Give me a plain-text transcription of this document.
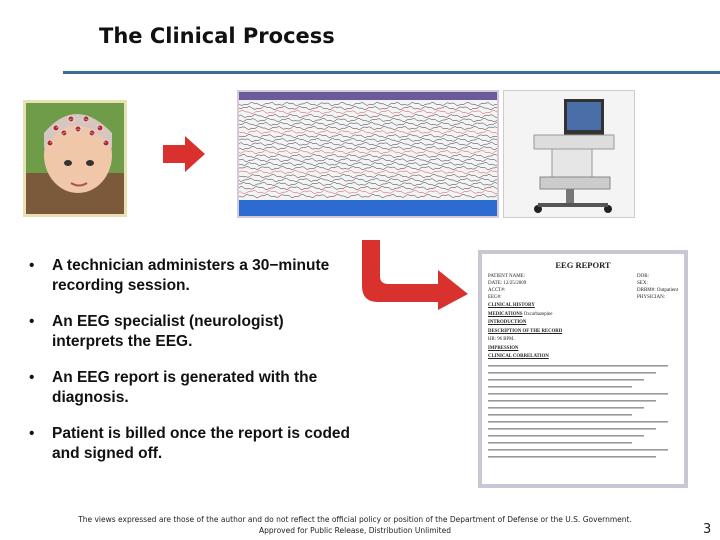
The Clinical Process
• A technician administers a 30−minute recording session.
• An EEG specialist (neurologist) interprets the EEG.
• An EEG report is generated with the diagnosis.
• Patient is billed once the report is coded and signed off.
EEG REPORT
PATIENT NAME:
DATE: 12/25/2009
ACCT#:
EEG#:
DOB:
SEX:
DRRM#: Outpatient
PHYSICIAN:
CLINICAL HISTORY
MEDICATIONS Oxcarbazepine
INTRODUCTION
DESCRIPTION OF THE RECORD
HR: 96 BPM.
IMPRESSION
CLINICAL CORRELATION
The views expressed are those of the author and do not reflect the official policy or position of the Department of Defense or the U.S. Government.
Approved for Public Release, Distribution Unlimited	3
